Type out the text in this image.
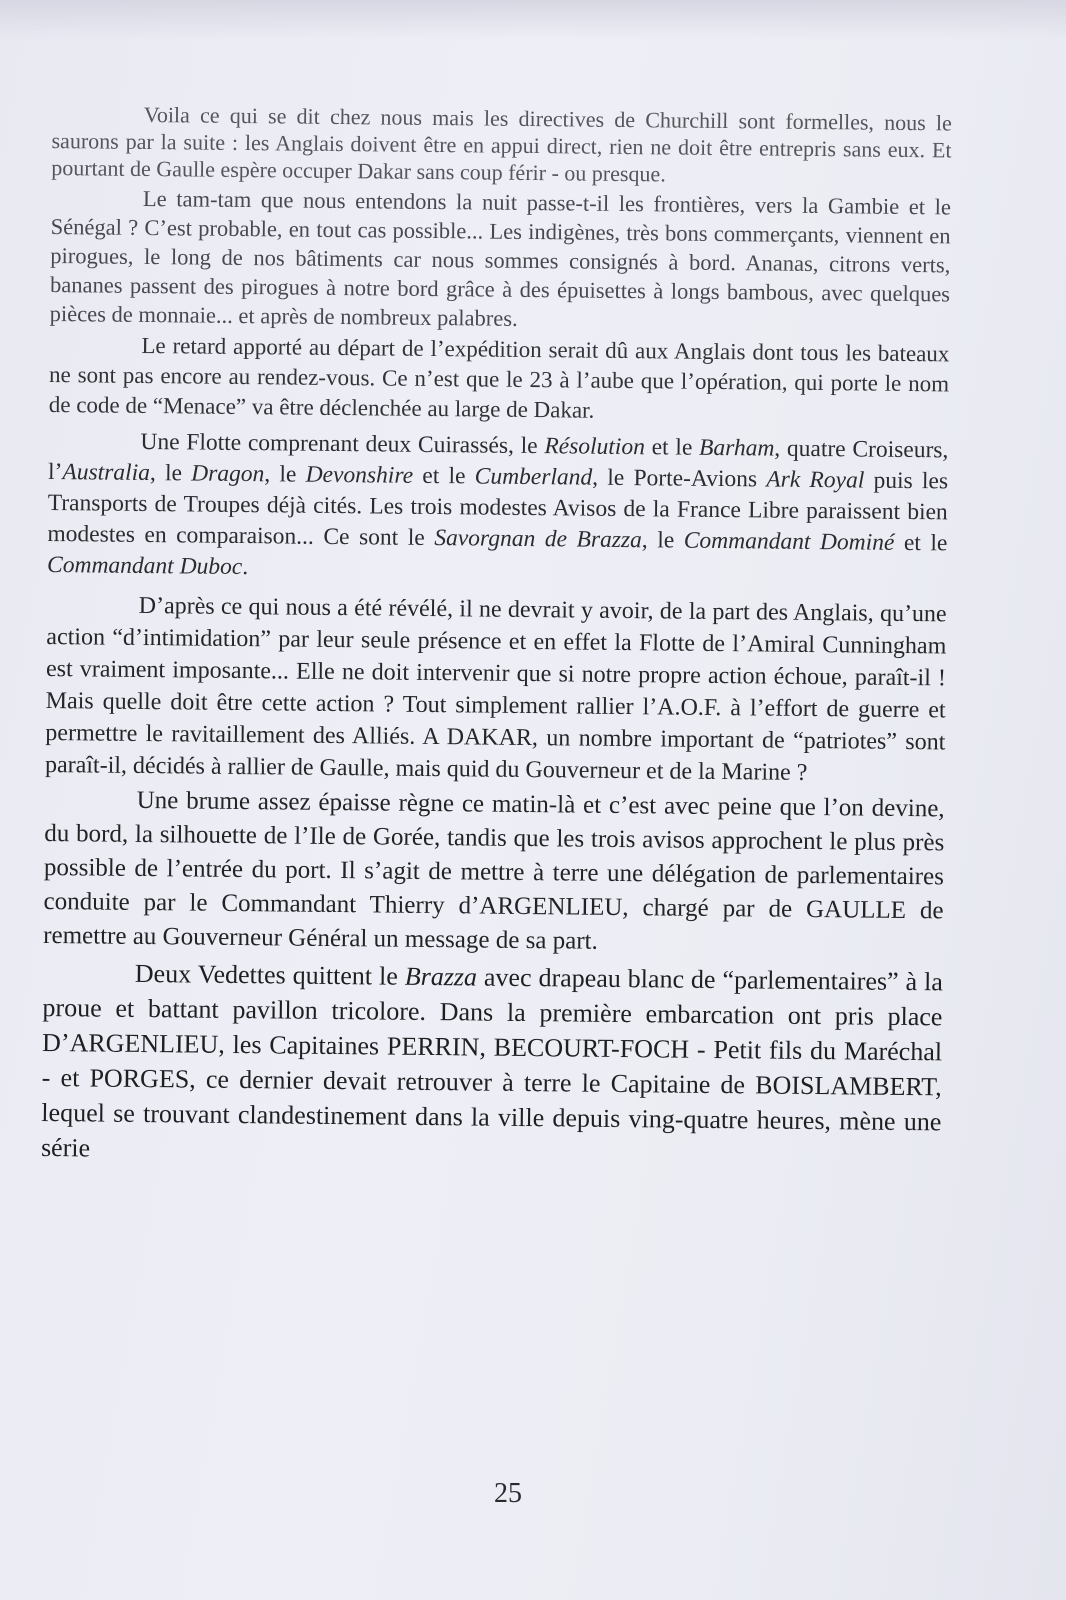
Voila ce qui se dit chez nous mais les directives de Churchill sont formelles, nous le saurons par la suite : les Anglais doivent être en appui direct, rien ne doit être entrepris sans eux. Et pourtant de Gaulle espère occuper Dakar sans coup férir - ou presque.

Le tam-tam que nous entendons la nuit passe-t-il les frontières, vers la Gambie et le Sénégal ? C’est probable, en tout cas possible... Les indigènes, très bons commerçants, viennent en pirogues, le long de nos bâtiments car nous sommes consignés à bord. Ananas, citrons verts, bananes passent des pirogues à notre bord grâce à des épuisettes à longs bambous, avec quelques pièces de monnaie... et après de nombreux palabres.

Le retard apporté au départ de l’expédition serait dû aux Anglais dont tous les bateaux ne sont pas encore au rendez-vous. Ce n’est que le 23 à l’aube que l’opération, qui porte le nom de code de “Menace” va être déclenchée au large de Dakar.

Une Flotte comprenant deux Cuirassés, le Résolution et le Barham, quatre Croiseurs, l’Australia, le Dragon, le Devonshire et le Cumberland, le Porte-Avions Ark Royal puis les Transports de Troupes déjà cités. Les trois modestes Avisos de la France Libre paraissent bien modestes en comparaison... Ce sont le Savorgnan de Brazza, le Commandant Dominé et le Commandant Duboc.

D’après ce qui nous a été révélé, il ne devrait y avoir, de la part des Anglais, qu’une action “d’intimidation” par leur seule présence et en effet la Flotte de l’Amiral Cunningham est vraiment imposante... Elle ne doit intervenir que si notre propre action échoue, paraît-il ! Mais quelle doit être cette action ? Tout simplement rallier l’A.O.F. à l’effort de guerre et permettre le ravitaillement des Alliés. A DAKAR, un nombre important de “patriotes” sont paraît-il, décidés à rallier de Gaulle, mais quid du Gouverneur et de la Marine ?

Une brume assez épaisse règne ce matin-là et c’est avec peine que l’on devine, du bord, la silhouette de l’Ile de Gorée, tandis que les trois avisos approchent le plus près possible de l’entrée du port. Il s’agit de mettre à terre une délégation de parlementaires conduite par le Commandant Thierry d’ARGENLIEU, chargé par de GAULLE de remettre au Gouverneur Général un message de sa part.

Deux Vedettes quittent le Brazza avec drapeau blanc de “parlementaires” à la proue et battant pavillon tricolore. Dans la première embarcation ont pris place D’ARGENLIEU, les Capitaines PERRIN, BECOURT-FOCH - Petit fils du Maréchal - et PORGES, ce dernier devait retrouver à terre le Capitaine de BOISLAMBERT, lequel se trouvant clandestinement dans la ville depuis ving-quatre heures, mène une série

25
